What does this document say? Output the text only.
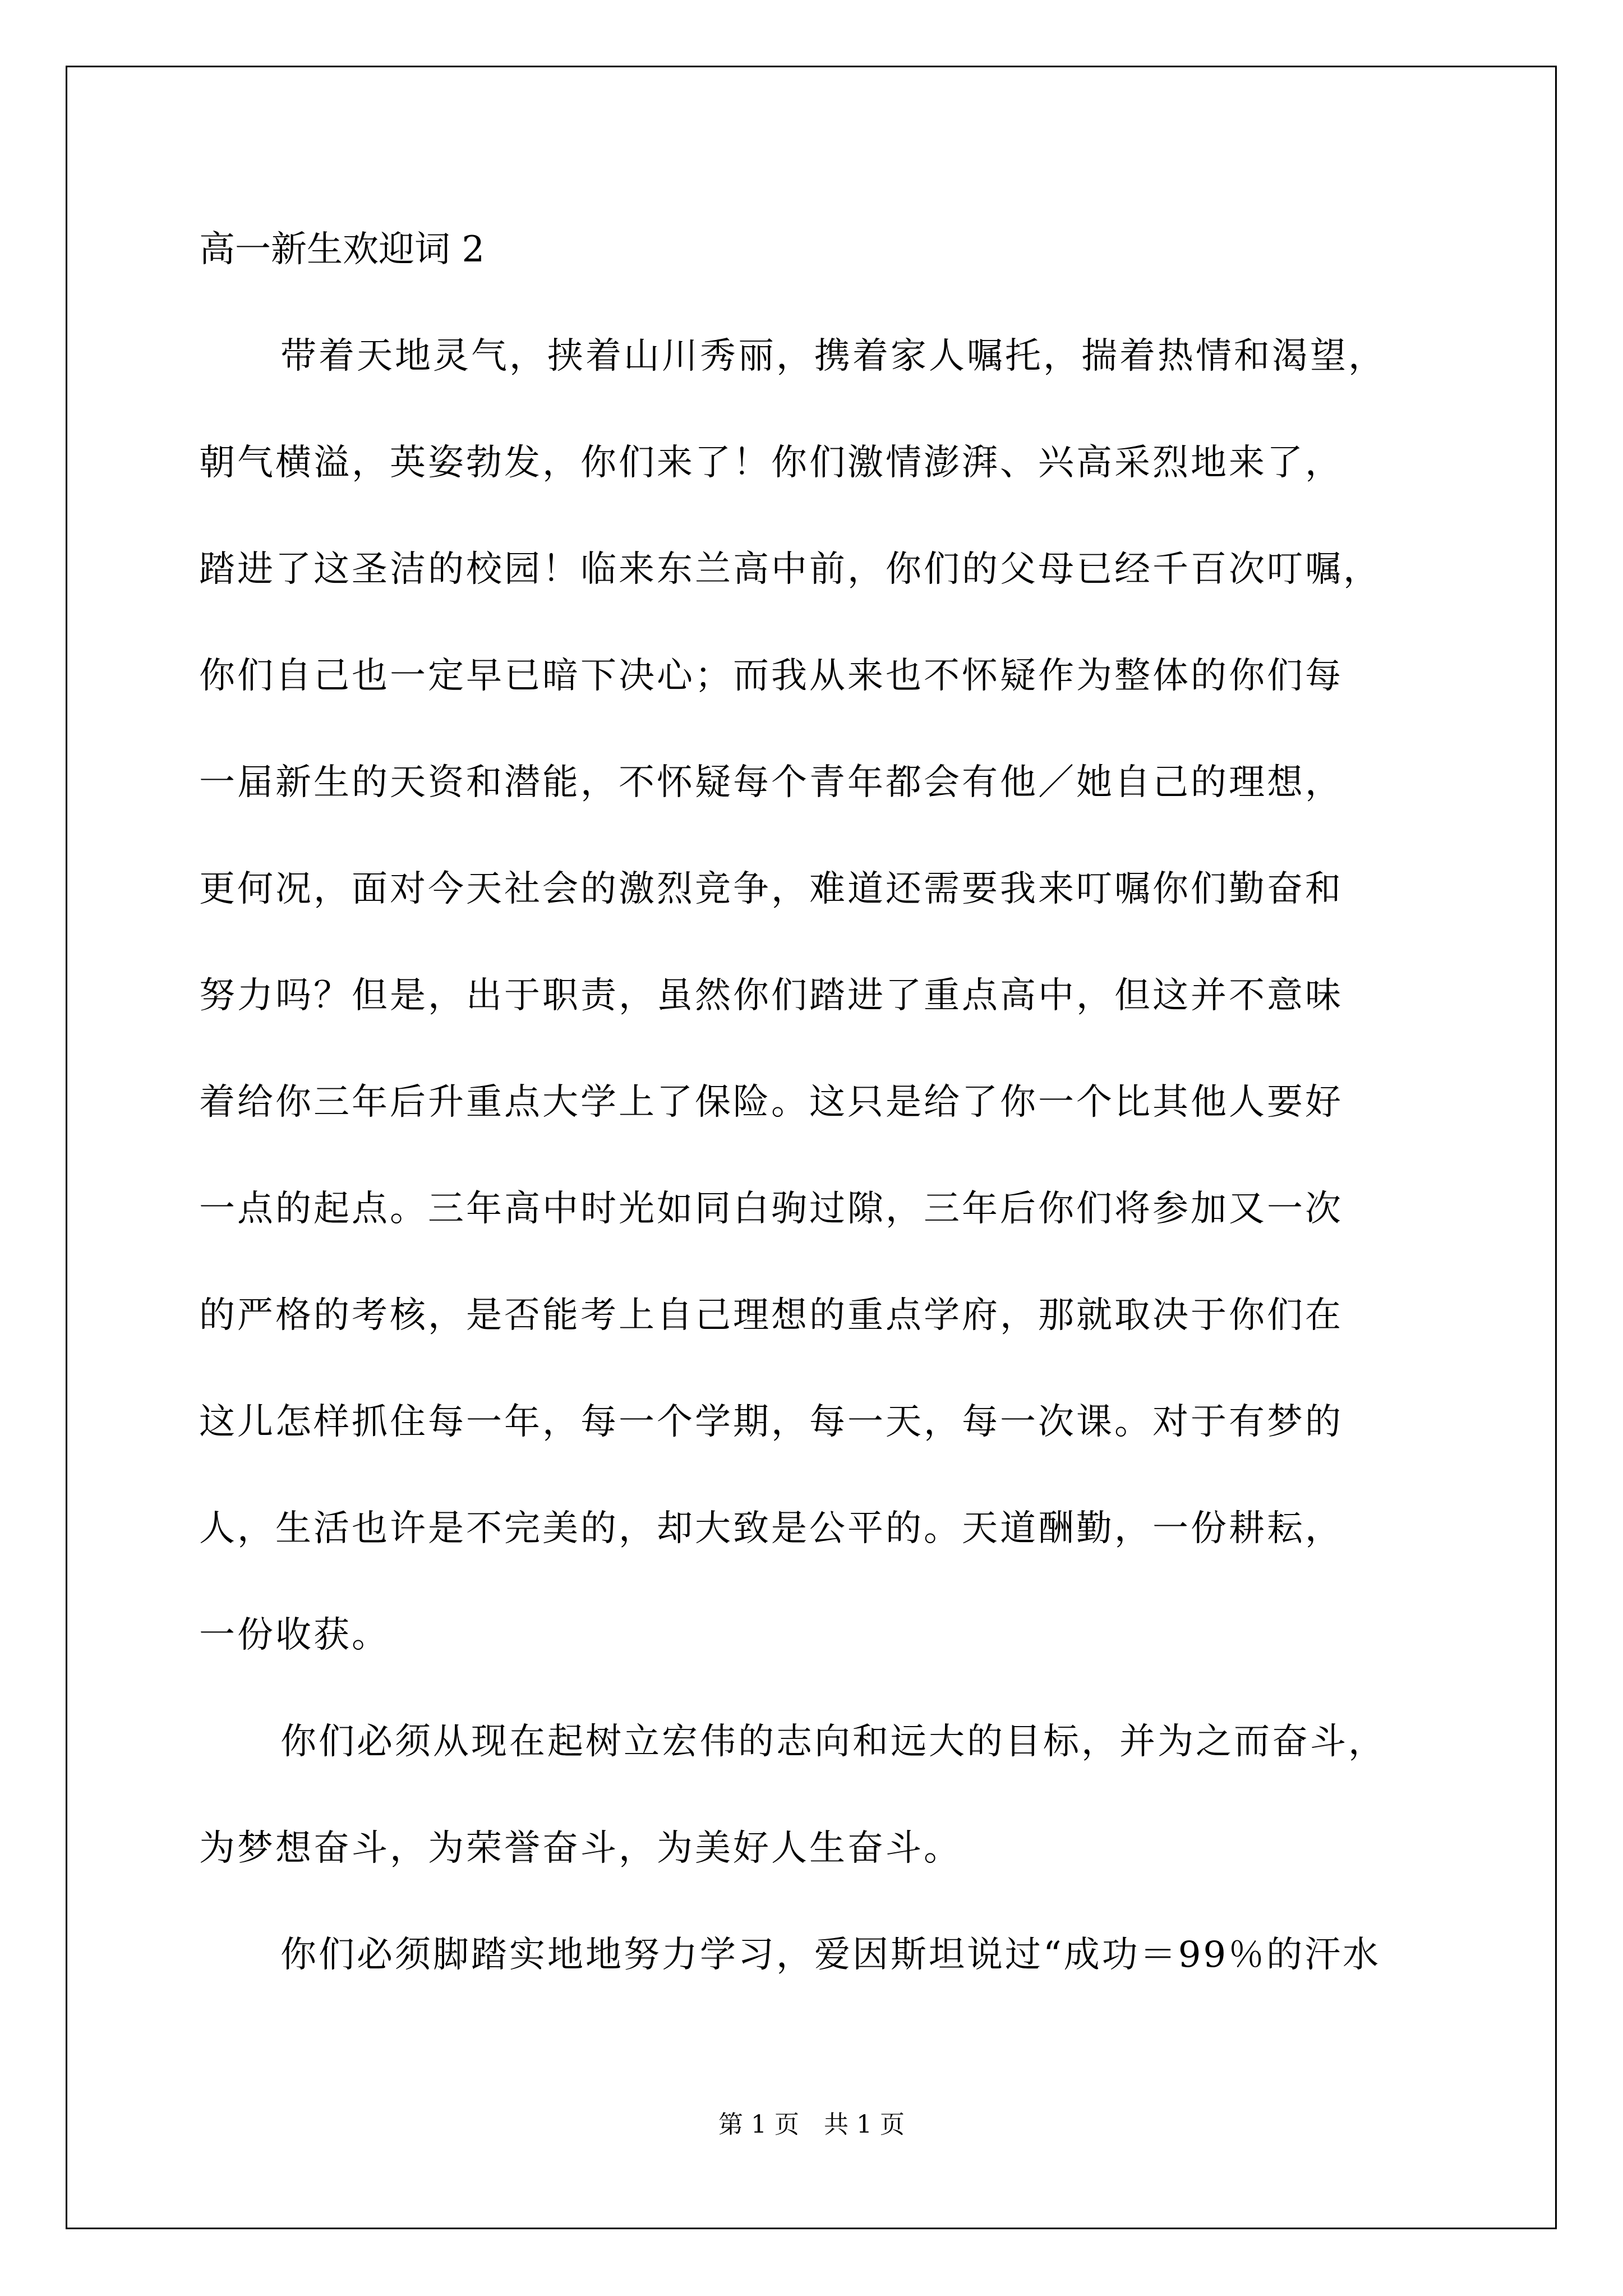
高一新生欢迎词 2
带着天地灵气，挟着山川秀丽，携着家人嘱托，揣着热情和渴望，
朝气横溢，英姿勃发，你们来了！你们激情澎湃、兴高采烈地来了，
踏进了这圣洁的校园！临来东兰高中前，你们的父母已经千百次叮嘱，
你们自己也一定早已暗下决心；而我从来也不怀疑作为整体的你们每
一届新生的天资和潜能，不怀疑每个青年都会有他／她自己的理想，
更何况，面对今天社会的激烈竞争，难道还需要我来叮嘱你们勤奋和
努力吗？但是，出于职责，虽然你们踏进了重点高中，但这并不意味
着给你三年后升重点大学上了保险。这只是给了你一个比其他人要好
一点的起点。三年高中时光如同白驹过隙，三年后你们将参加又一次
的严格的考核，是否能考上自己理想的重点学府，那就取决于你们在
这儿怎样抓住每一年，每一个学期，每一天，每一次课。对于有梦的
人，生活也许是不完美的，却大致是公平的。天道酬勤，一份耕耘，
一份收获。
你们必须从现在起树立宏伟的志向和远大的目标，并为之而奋斗，
为梦想奋斗，为荣誉奋斗，为美好人生奋斗。
你们必须脚踏实地地努力学习，爱因斯坦说过“成功＝99％的汗水
第 1 页　共 1 页
